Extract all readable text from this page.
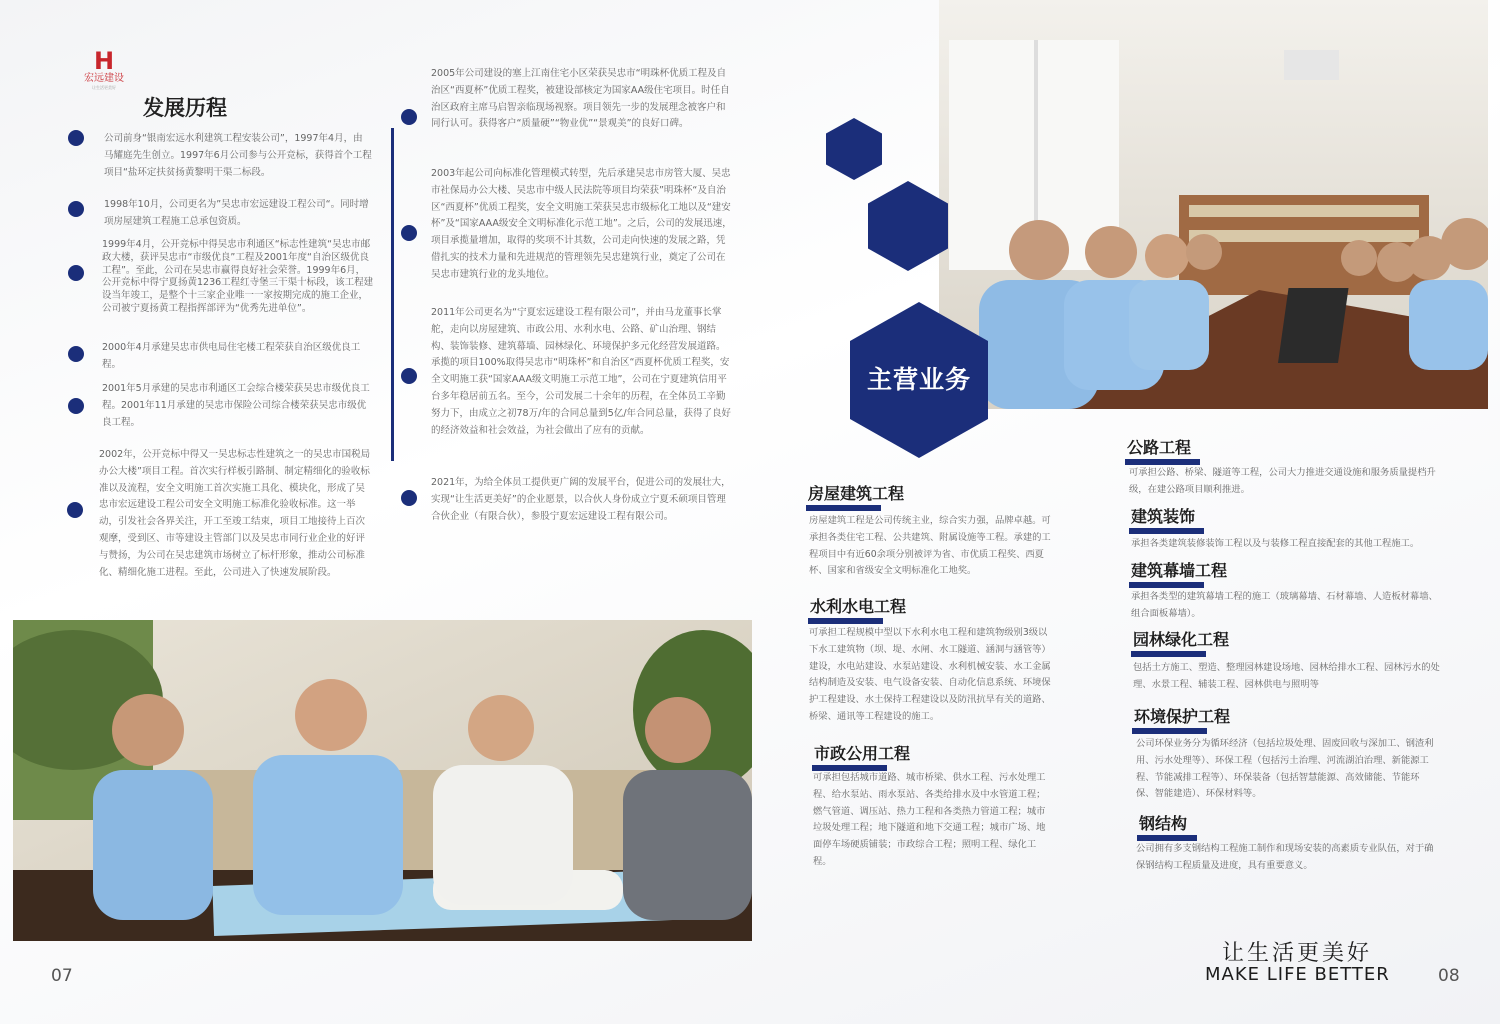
H
宏远建设
让生活更美好
发展历程
公司前身“银南宏远水利建筑工程安装公司”，1997年4月，由马耀庭先生创立。1997年6月公司参与公开竞标，获得首个工程项目“盐环定扶贫扬黄黎明干渠二标段。
1998年10月，公司更名为”吴忠市宏远建设工程公司“。同时增项房屋建筑工程施工总承包资质。
1999年4月，公开竞标中得吴忠市利通区“标志性建筑“吴忠市邮政大楼，获评吴忠市“市级优良”工程及2001年度“自治区级优良工程”。至此，公司在吴忠市赢得良好社会荣誉。1999年6月，公开竞标中得宁夏扬黄1236工程红寺堡三干渠十标段，该工程建设当年竣工，是整个十三家企业唯一一家按期完成的施工企业，公司被宁夏扬黄工程指挥部评为“优秀先进单位”。
2000年4月承建吴忠市供电局住宅楼工程荣获自治区级优良工程。
2001年5月承建的吴忠市利通区工会综合楼荣获吴忠市级优良工程。2001年11月承建的吴忠市保险公司综合楼荣获吴忠市级优良工程。
2002年，公开竞标中得又一吴忠标志性建筑之一的吴忠市国税局办公大楼”项目工程。首次实行样板引路制、制定精细化的验收标准以及流程，安全文明施工首次实施工具化、模块化，形成了吴忠市宏远建设工程公司安全文明施工标准化验收标准。这一举动，引发社会各界关注，开工至竣工结束，项目工地接待上百次观摩，受到区、市等建设主管部门以及吴忠市同行业企业的好评与赞扬，为公司在吴忠建筑市场树立了标杆形象，推动公司标准化、精细化施工进程。至此，公司进入了快速发展阶段。
2005年公司建设的塞上江南住宅小区荣获吴忠市“明珠杯优质工程及自治区“西夏杯”优质工程奖，被建设部核定为国家AA级住宅项目。时任自治区政府主席马启智亲临现场视察。项目领先一步的发展理念被客户和同行认可。获得客户“质量硬”“物业优”“景观美”的良好口碑。
2003年起公司向标准化管理模式转型，先后承建吴忠市房管大厦、吴忠市社保局办公大楼、吴忠市中级人民法院等项目均荣获”明珠杯“及自治区“西夏杯”优质工程奖，安全文明施工荣获吴忠市级标化工地以及“建安杯”及“国家AAA级安全文明标准化示范工地”。之后，公司的发展迅速，项目承揽量增加，取得的奖项不计其数，公司走向快速的发展之路，凭借扎实的技术力量和先进规范的管理领先吴忠建筑行业，奠定了公司在吴忠市建筑行业的龙头地位。
2011年公司更名为“宁夏宏远建设工程有限公司”，并由马龙董事长掌舵，走向以房屋建筑、市政公用、水利水电、公路、矿山治理、钢结构、装饰装修、建筑幕墙、园林绿化、环境保护多元化经营发展道路。承揽的项目100%取得吴忠市“明珠杯”和自治区“西夏杯优质工程奖，安全文明施工获“国家AAA级文明施工示范工地”，公司在宁夏建筑信用平台多年稳居前五名。至今，公司发展二十余年的历程，在全体员工辛勤努力下，由成立之初78万/年的合同总量到5亿/年合同总量，获得了良好的经济效益和社会效益，为社会做出了应有的贡献。
2021年，为给全体员工提供更广阔的发展平台，促进公司的发展壮大，实现“让生活更美好”的企业愿景，以合伙人身份成立宁夏禾硕项目管理合伙企业（有限合伙），参股宁夏宏远建设工程有限公司。
主营业务
房屋建筑工程
房屋建筑工程是公司传统主业，综合实力强，品牌卓越。可承担各类住宅工程、公共建筑、附属设施等工程。承建的工程项目中有近60余项分别被评为省、市优质工程奖、西夏杯、国家和省级安全文明标准化工地奖。
水利水电工程
可承担工程规模中型以下水利水电工程和建筑物级别3级以下水工建筑物（坝、堤、水闸、水工隧道、涵洞与涵管等）建设，水电站建设、水泵站建设、水利机械安装、水工金属结构制造及安装、电气设备安装、自动化信息系统、环境保护工程建设、水土保持工程建设以及防汛抗旱有关的道路、桥梁、通讯等工程建设的施工。
市政公用工程
可承担包括城市道路、城市桥梁、供水工程、污水处理工程、给水泵站、雨水泵站、各类给排水及中水管道工程；燃气管道、调压站、热力工程和各类热力管道工程；城市垃圾处理工程；地下隧道和地下交通工程；城市广场、地面停车场硬质铺装；市政综合工程；照明工程、绿化工程。
公路工程
可承担公路、桥梁、隧道等工程，公司大力推进交通设施和服务质量提档升级，在建公路项目顺利推进。
建筑装饰
承担各类建筑装修装饰工程以及与装修工程直接配套的其他工程施工。
建筑幕墙工程
承担各类型的建筑幕墙工程的施工（玻璃幕墙、石材幕墙、人造板材幕墙、组合面板幕墙）。
园林绿化工程
包括土方施工、塑造、整理园林建设场地、园林给排水工程、园林污水的处理、水景工程、辅装工程、园林供电与照明等
环境保护工程
公司环保业务分为循环经济（包括垃圾处理、固废回收与深加工、钢渣利用、污水处理等）、环保工程（包括污土治理、河流湖泊治理、新能源工程、节能减排工程等）、环保装备（包括智慧能源、高效储能、节能环保、智能建造）、环保材料等。
钢结构
公司拥有多支钢结构工程施工制作和现场安装的高素质专业队伍，对于确保钢结构工程质量及进度，具有重要意义。
07	08
让生活更美好
MAKE LIFE BETTER
